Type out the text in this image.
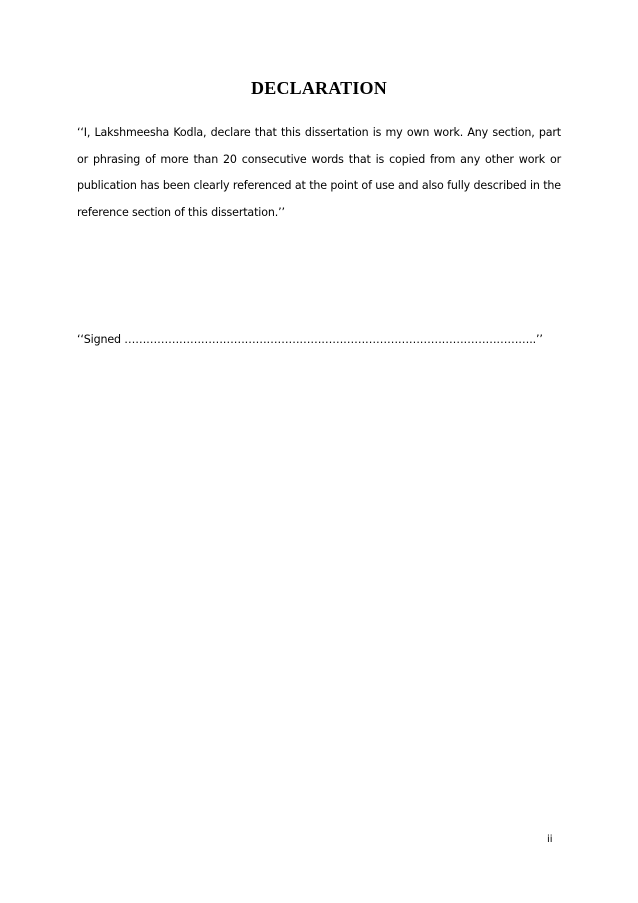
DECLARATION
‘‘I, Lakshmeesha Kodla, declare that this dissertation is my own work. Any section, part or phrasing of more than 20 consecutive words that is copied from any other work or publication has been clearly referenced at the point of use and also fully described in the reference section of this dissertation.’’
‘‘Signed …………………………………………………………………………………………………..’’
ii
